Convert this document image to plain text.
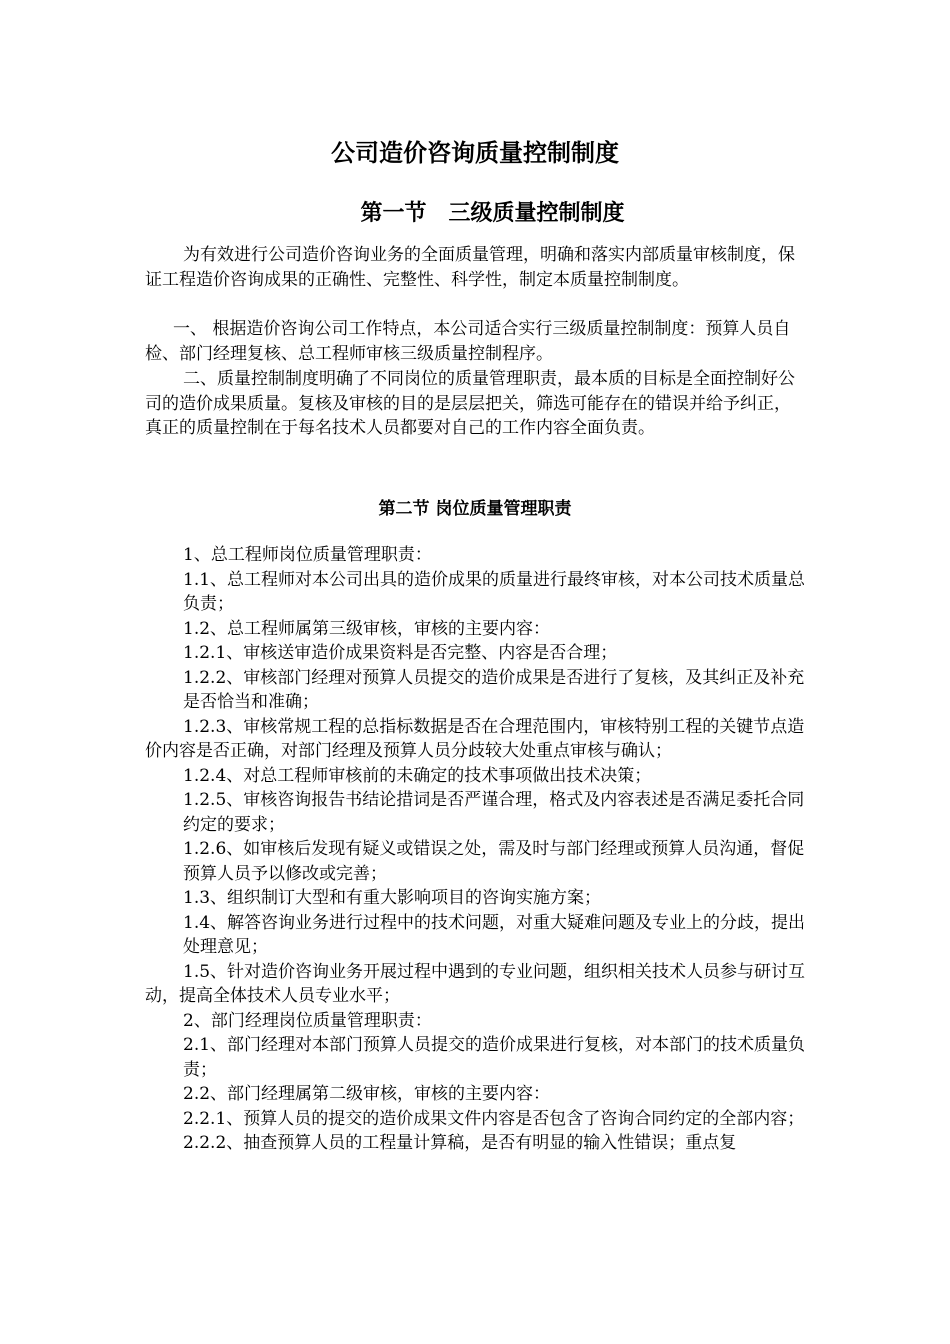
公司造价咨询质量控制制度
第一节　三级质量控制制度

为有效进行公司造价咨询业务的全面质量管理，明确和落实内部质量审核制度，保证工程造价咨询成果的正确性、完整性、科学性，制定本质量控制制度。

一、 根据造价咨询公司工作特点，本公司适合实行三级质量控制制度：预算人员自检、部门经理复核、总工程师审核三级质量控制程序。

二、质量控制制度明确了不同岗位的质量管理职责，最本质的目标是全面控制好公司的造价成果质量。复核及审核的目的是层层把关，筛选可能存在的错误并给予纠正，真正的质量控制在于每名技术人员都要对自己的工作内容全面负责。

第二节 岗位质量管理职责
1、总工程师岗位质量管理职责：
1.1、总工程师对本公司出具的造价成果的质量进行最终审核，对本公司技术质量总负责；
1.2、总工程师属第三级审核，审核的主要内容：
1.2.1、审核送审造价成果资料是否完整、内容是否合理；
1.2.2、审核部门经理对预算人员提交的造价成果是否进行了复核，及其纠正及补充是否恰当和准确；
1.2.3、审核常规工程的总指标数据是否在合理范围内，审核特别工程的关键节点造价内容是否正确，对部门经理及预算人员分歧较大处重点审核与确认；
1.2.4、对总工程师审核前的未确定的技术事项做出技术决策；
1.2.5、审核咨询报告书结论措词是否严谨合理，格式及内容表述是否满足委托合同约定的要求；
1.2.6、如审核后发现有疑义或错误之处，需及时与部门经理或预算人员沟通，督促预算人员予以修改或完善；
1.3、组织制订大型和有重大影响项目的咨询实施方案；
1.4、解答咨询业务进行过程中的技术问题，对重大疑难问题及专业上的分歧，提出处理意见；
1.5、针对造价咨询业务开展过程中遇到的专业问题，组织相关技术人员参与研讨互动，提高全体技术人员专业水平；
2、部门经理岗位质量管理职责：
2.1、部门经理对本部门预算人员提交的造价成果进行复核，对本部门的技术质量负责；
2.2、部门经理属第二级审核，审核的主要内容：
2.2.1、预算人员的提交的造价成果文件内容是否包含了咨询合同约定的全部内容；
2.2.2、抽查预算人员的工程量计算稿，是否有明显的输入性错误；重点复
